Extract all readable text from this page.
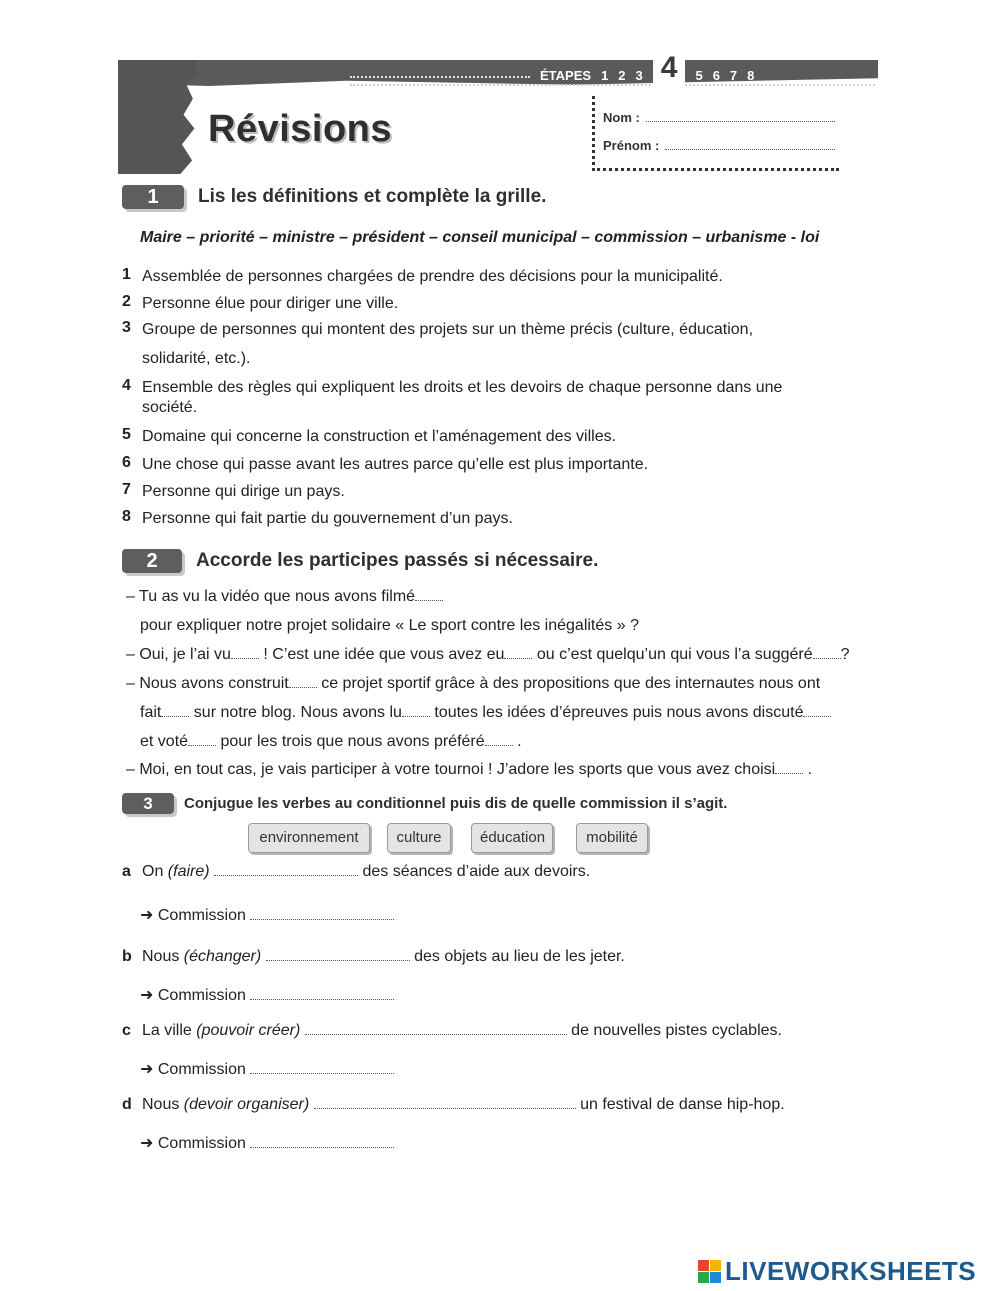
ÉTAPES 1 2 3 4	5 6 7 8
Révisions	Nom :
Prénom :
1	Lis les définitions et complète la grille.
Maire – priorité – ministre – président – conseil municipal – commission – urbanisme - loi
1 Assemblée de personnes chargées de prendre des décisions pour la municipalité.
2 Personne élue pour diriger une ville.
3 Groupe de personnes qui montent des projets sur un thème précis (culture, éducation,
solidarité, etc.).
4 Ensemble des règles qui expliquent les droits et les devoirs de chaque personne dans une
société.
5 Domaine qui concerne la construction et l’aménagement des villes.
6 Une chose qui passe avant les autres parce qu’elle est plus importante.
7 Personne qui dirige un pays.
8 Personne qui fait partie du gouvernement d’un pays.
2	Accorde les participes passés si nécessaire.
– Tu as vu la vidéo que nous avons filmé
pour expliquer notre projet solidaire « Le sport contre les inégalités » ?
– Oui, je l’ai vu ! C’est une idée que vous avez eu ou c’est quelqu’un qui vous l’a suggéré ?
– Nous avons construit ce projet sportif grâce à des propositions que des internautes nous ont
fait sur notre blog. Nous avons lu toutes les idées d’épreuves puis nous avons discuté
et voté pour les trois que nous avons préféré .
– Moi, en tout cas, je vais participer à votre tournoi ! J’adore les sports que vous avez choisi .
3	Conjugue les verbes au conditionnel puis dis de quelle commission il s’agit.
environnement	culture	éducation	mobilité
a On (faire)	des séances d’aide aux devoirs.
➜ Commission
b Nous (échanger)	des objets au lieu de les jeter.
➜ Commission
c La ville (pouvoir créer)	de nouvelles pistes cyclables.
➜ Commission
d Nous (devoir organiser)	un festival de danse hip-hop.
➜ Commission
LIVEWORKSHEETS
